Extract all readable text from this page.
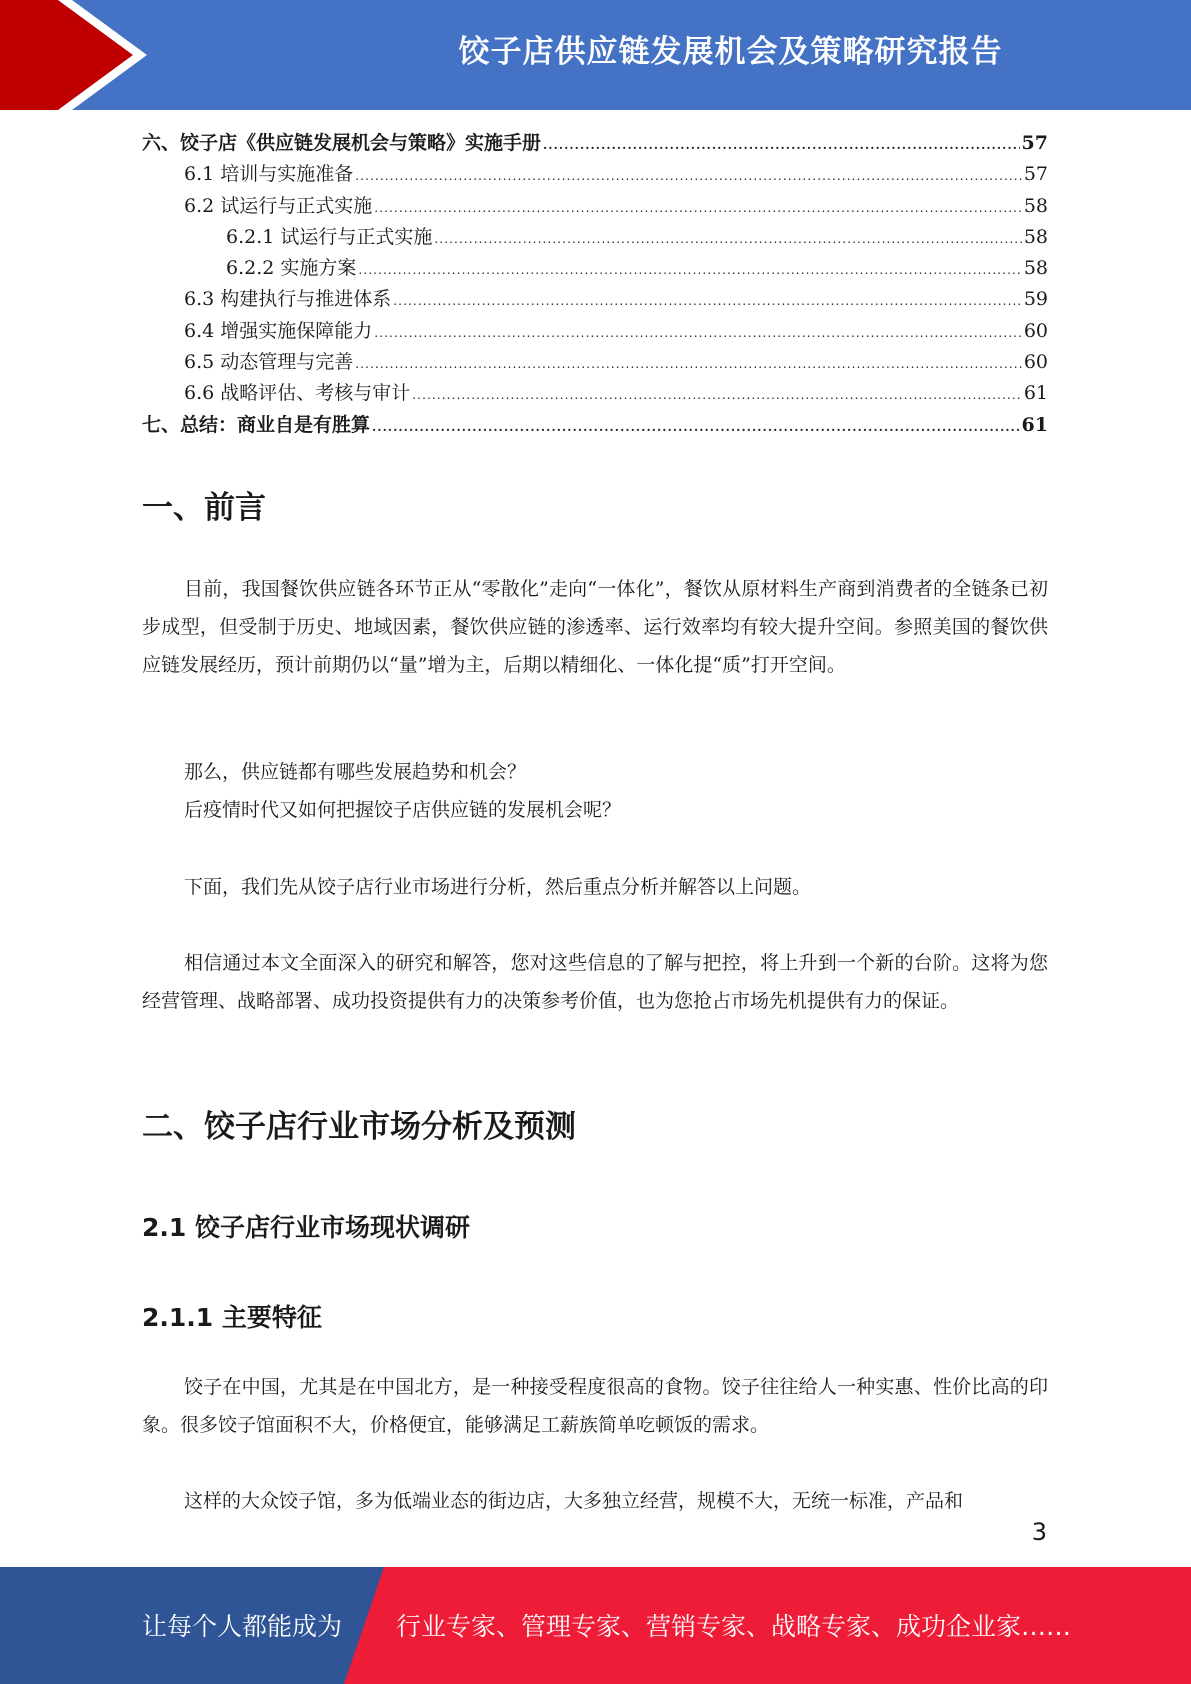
饺子店供应链发展机会及策略研究报告
六、饺子店《供应链发展机会与策略》实施手册 .....	57
6.1 培训与实施准备 .....	57
6.2 试运行与正式实施 .....	58
6.2.1 试运行与正式实施 .....	58
6.2.2 实施方案 .....	58
6.3 构建执行与推进体系 .....	59
6.4 增强实施保障能力 .....	60
6.5 动态管理与完善 .....	60
6.6 战略评估、考核与审计 .....	61
七、总结：商业自是有胜算 .....	61
一、前言

目前，我国餐饮供应链各环节正从“零散化”走向“一体化”，餐饮从原材料生产商到消费者的全链条已初步成型，但受制于历史、地域因素，餐饮供应链的渗透率、运行效率均有较大提升空间。参照美国的餐饮供应链发展经历，预计前期仍以“量”增为主，后期以精细化、一体化提“质”打开空间。

那么，供应链都有哪些发展趋势和机会？

后疫情时代又如何把握饺子店供应链的发展机会呢？

下面，我们先从饺子店行业市场进行分析，然后重点分析并解答以上问题。

相信通过本文全面深入的研究和解答，您对这些信息的了解与把控，将上升到一个新的台阶。这将为您经营管理、战略部署、成功投资提供有力的决策参考价值，也为您抢占市场先机提供有力的保证。

二、饺子店行业市场分析及预测
2.1 饺子店行业市场现状调研
2.1.1 主要特征

饺子在中国，尤其是在中国北方，是一种接受程度很高的食物。饺子往往给人一种实惠、性价比高的印象。很多饺子馆面积不大，价格便宜，能够满足工薪族简单吃顿饭的需求。

这样的大众饺子馆，多为低端业态的街边店，大多独立经营，规模不大，无统一标准，产品和

3
让每个人都能成为 行业专家、管理专家、营销专家、战略专家、成功企业家……
